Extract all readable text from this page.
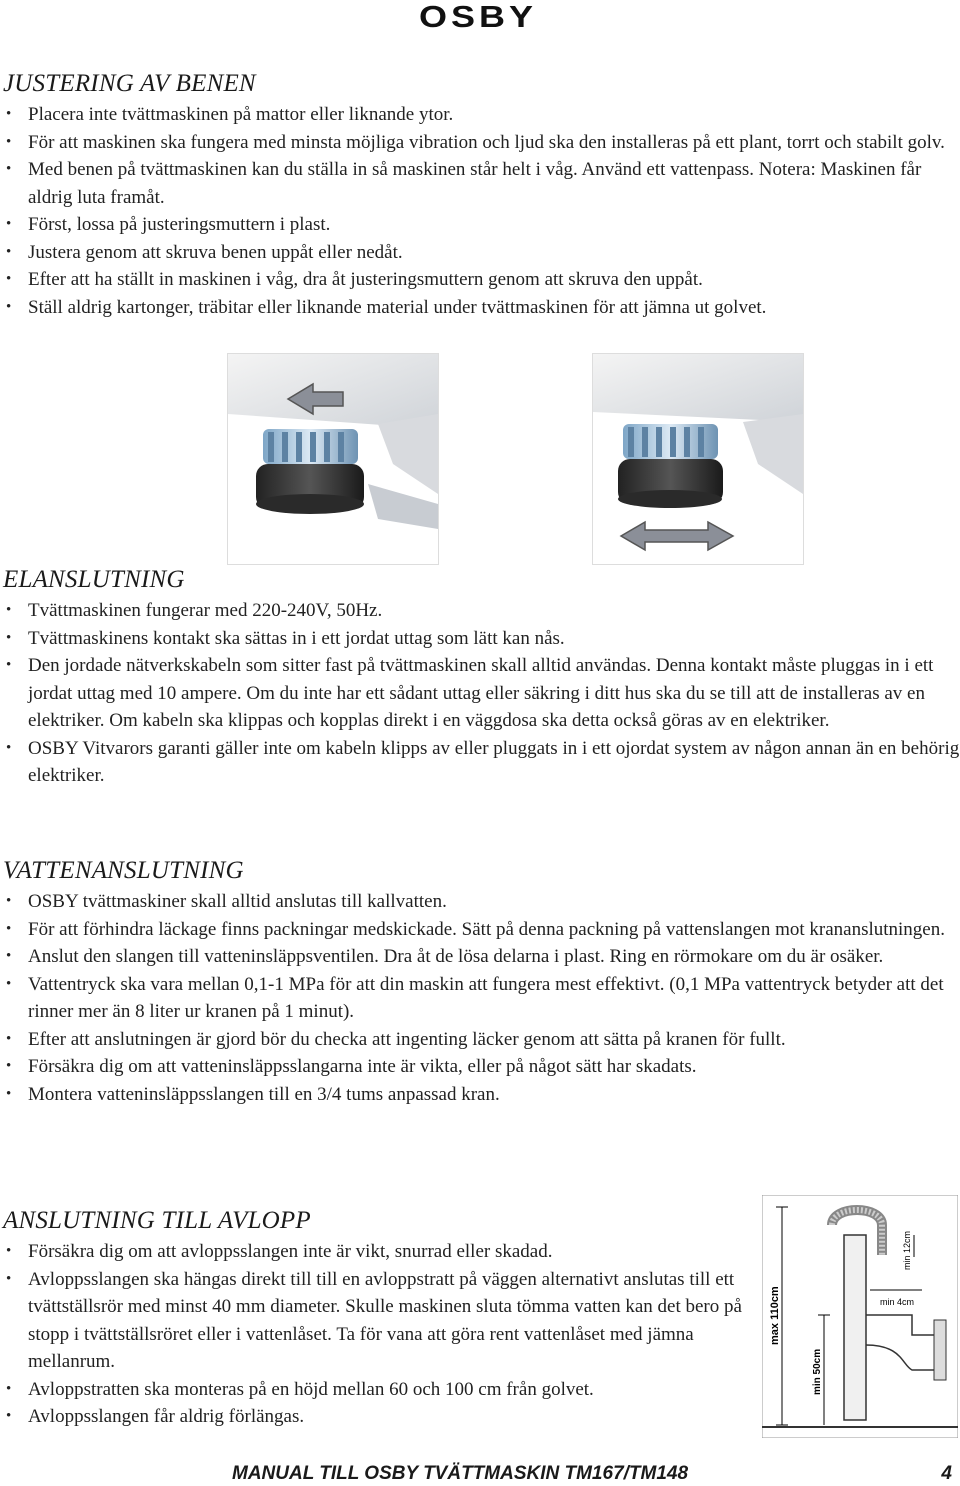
OSBY
JUSTERING AV BENEN
• Placera inte tvättmaskinen på mattor eller liknande ytor.
• För att maskinen ska fungera med minsta möjliga vibration och ljud ska den installeras på ett plant, torrt och stabilt golv.
• Med benen på tvättmaskinen kan du ställa in så maskinen står helt i våg. Använd ett vattenpass. Notera: Maskinen får aldrig luta framåt.
• Först, lossa på justeringsmuttern i plast.
• Justera genom att skruva benen uppåt eller nedåt.
• Efter att ha ställt in maskinen i våg, dra åt justeringsmuttern genom att skruva den uppåt.
• Ställ aldrig kartonger, träbitar eller liknande material under tvättmaskinen för att jämna ut golvet.
ELANSLUTNING
• Tvättmaskinen fungerar med 220-240V, 50Hz.
• Tvättmaskinens kontakt ska sättas in i ett jordat uttag som lätt kan nås.
• Den jordade nätverkskabeln som sitter fast på tvättmaskinen skall alltid användas. Denna kontakt måste pluggas in i ett jordat uttag med 10 ampere. Om du inte har ett sådant uttag eller säkring i ditt hus ska du se till att de installeras av en elektriker. Om kabeln ska klippas och kopplas direkt i en väggdosa ska detta också göras av en elektriker.
• OSBY Vitvarors garanti gäller inte om kabeln klipps av eller pluggats in i ett ojordat system av någon annan än en behörig elektriker.
VATTENANSLUTNING
• OSBY tvättmaskiner skall alltid anslutas till kallvatten.
• För att förhindra läckage finns packningar medskickade. Sätt på denna packning på vattenslangen mot krananslutningen.
• Anslut den slangen till vatteninsläppsventilen. Dra åt de lösa delarna i plast. Ring en rörmokare om du är osäker.
• Vattentryck ska vara mellan 0,1-1 MPa för att din maskin att fungera mest effektivt. (0,1 MPa vattentryck betyder att det rinner mer än 8 liter ur kranen på 1 minut).
• Efter att anslutningen är gjord bör du checka att ingenting läcker genom att sätta på kranen för fullt.
• Försäkra dig om att vatteninsläppsslangarna inte är vikta, eller på något sätt har skadats.
• Montera vatteninsläppsslangen till en 3/4 tums anpassad kran.
ANSLUTNING TILL AVLOPP
• Försäkra dig om att avloppsslangen inte är vikt, snurrad eller skadad.
• Avloppsslangen ska hängas direkt till till en avloppstratt på väggen alternativt anslutas till ett tvättställsrör med minst 40 mm diameter. Skulle maskinen sluta tömma vatten kan det bero på stopp i tvättställsröret eller i vattenlåset. Ta för vana att göra rent vattenlåset med jämna mellanrum.
• Avloppstratten ska monteras på en höjd mellan 60 och 100 cm från golvet.
• Avloppsslangen får aldrig förlängas.
max 110cm
min 50cm
min 12cm
min 4cm
MANUAL TILL OSBY TVÄTTMASKIN TM167/TM148	4
